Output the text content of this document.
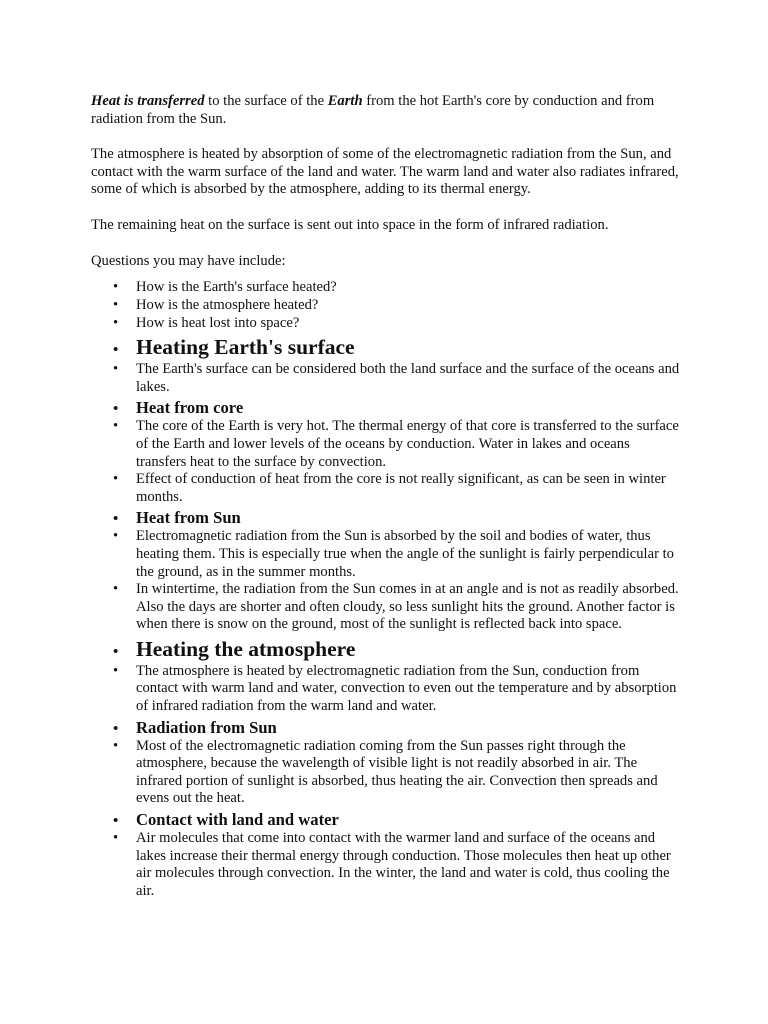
Heat is transferred to the surface of the Earth from the hot Earth's core by conduction and from radiation from the Sun.

The atmosphere is heated by absorption of some of the electromagnetic radiation from the Sun, and contact with the warm surface of the land and water. The warm land and water also radiates infrared, some of which is absorbed by the atmosphere, adding to its thermal energy.

The remaining heat on the surface is sent out into space in the form of infrared radiation.

Questions you may have include:

• How is the Earth's surface heated?
• How is the atmosphere heated?
• How is heat lost into space?
• Heating Earth's surface
• The Earth's surface can be considered both the land surface and the surface of the oceans and lakes.
• Heat from core
• The core of the Earth is very hot. The thermal energy of that core is transferred to the surface of the Earth and lower levels of the oceans by conduction. Water in lakes and oceans transfers heat to the surface by convection.
• Effect of conduction of heat from the core is not really significant, as can be seen in winter months.
• Heat from Sun
• Electromagnetic radiation from the Sun is absorbed by the soil and bodies of water, thus heating them. This is especially true when the angle of the sunlight is fairly perpendicular to the ground, as in the summer months.
• In wintertime, the radiation from the Sun comes in at an angle and is not as readily absorbed. Also the days are shorter and often cloudy, so less sunlight hits the ground. Another factor is when there is snow on the ground, most of the sunlight is reflected back into space.
• Heating the atmosphere
• The atmosphere is heated by electromagnetic radiation from the Sun, conduction from contact with warm land and water, convection to even out the temperature and by absorption of infrared radiation from the warm land and water.
• Radiation from Sun
• Most of the electromagnetic radiation coming from the Sun passes right through the atmosphere, because the wavelength of visible light is not readily absorbed in air. The infrared portion of sunlight is absorbed, thus heating the air. Convection then spreads and evens out the heat.
• Contact with land and water
• Air molecules that come into contact with the warmer land and surface of the oceans and lakes increase their thermal energy through conduction. Those molecules then heat up other air molecules through convection. In the winter, the land and water is cold, thus cooling the air.
